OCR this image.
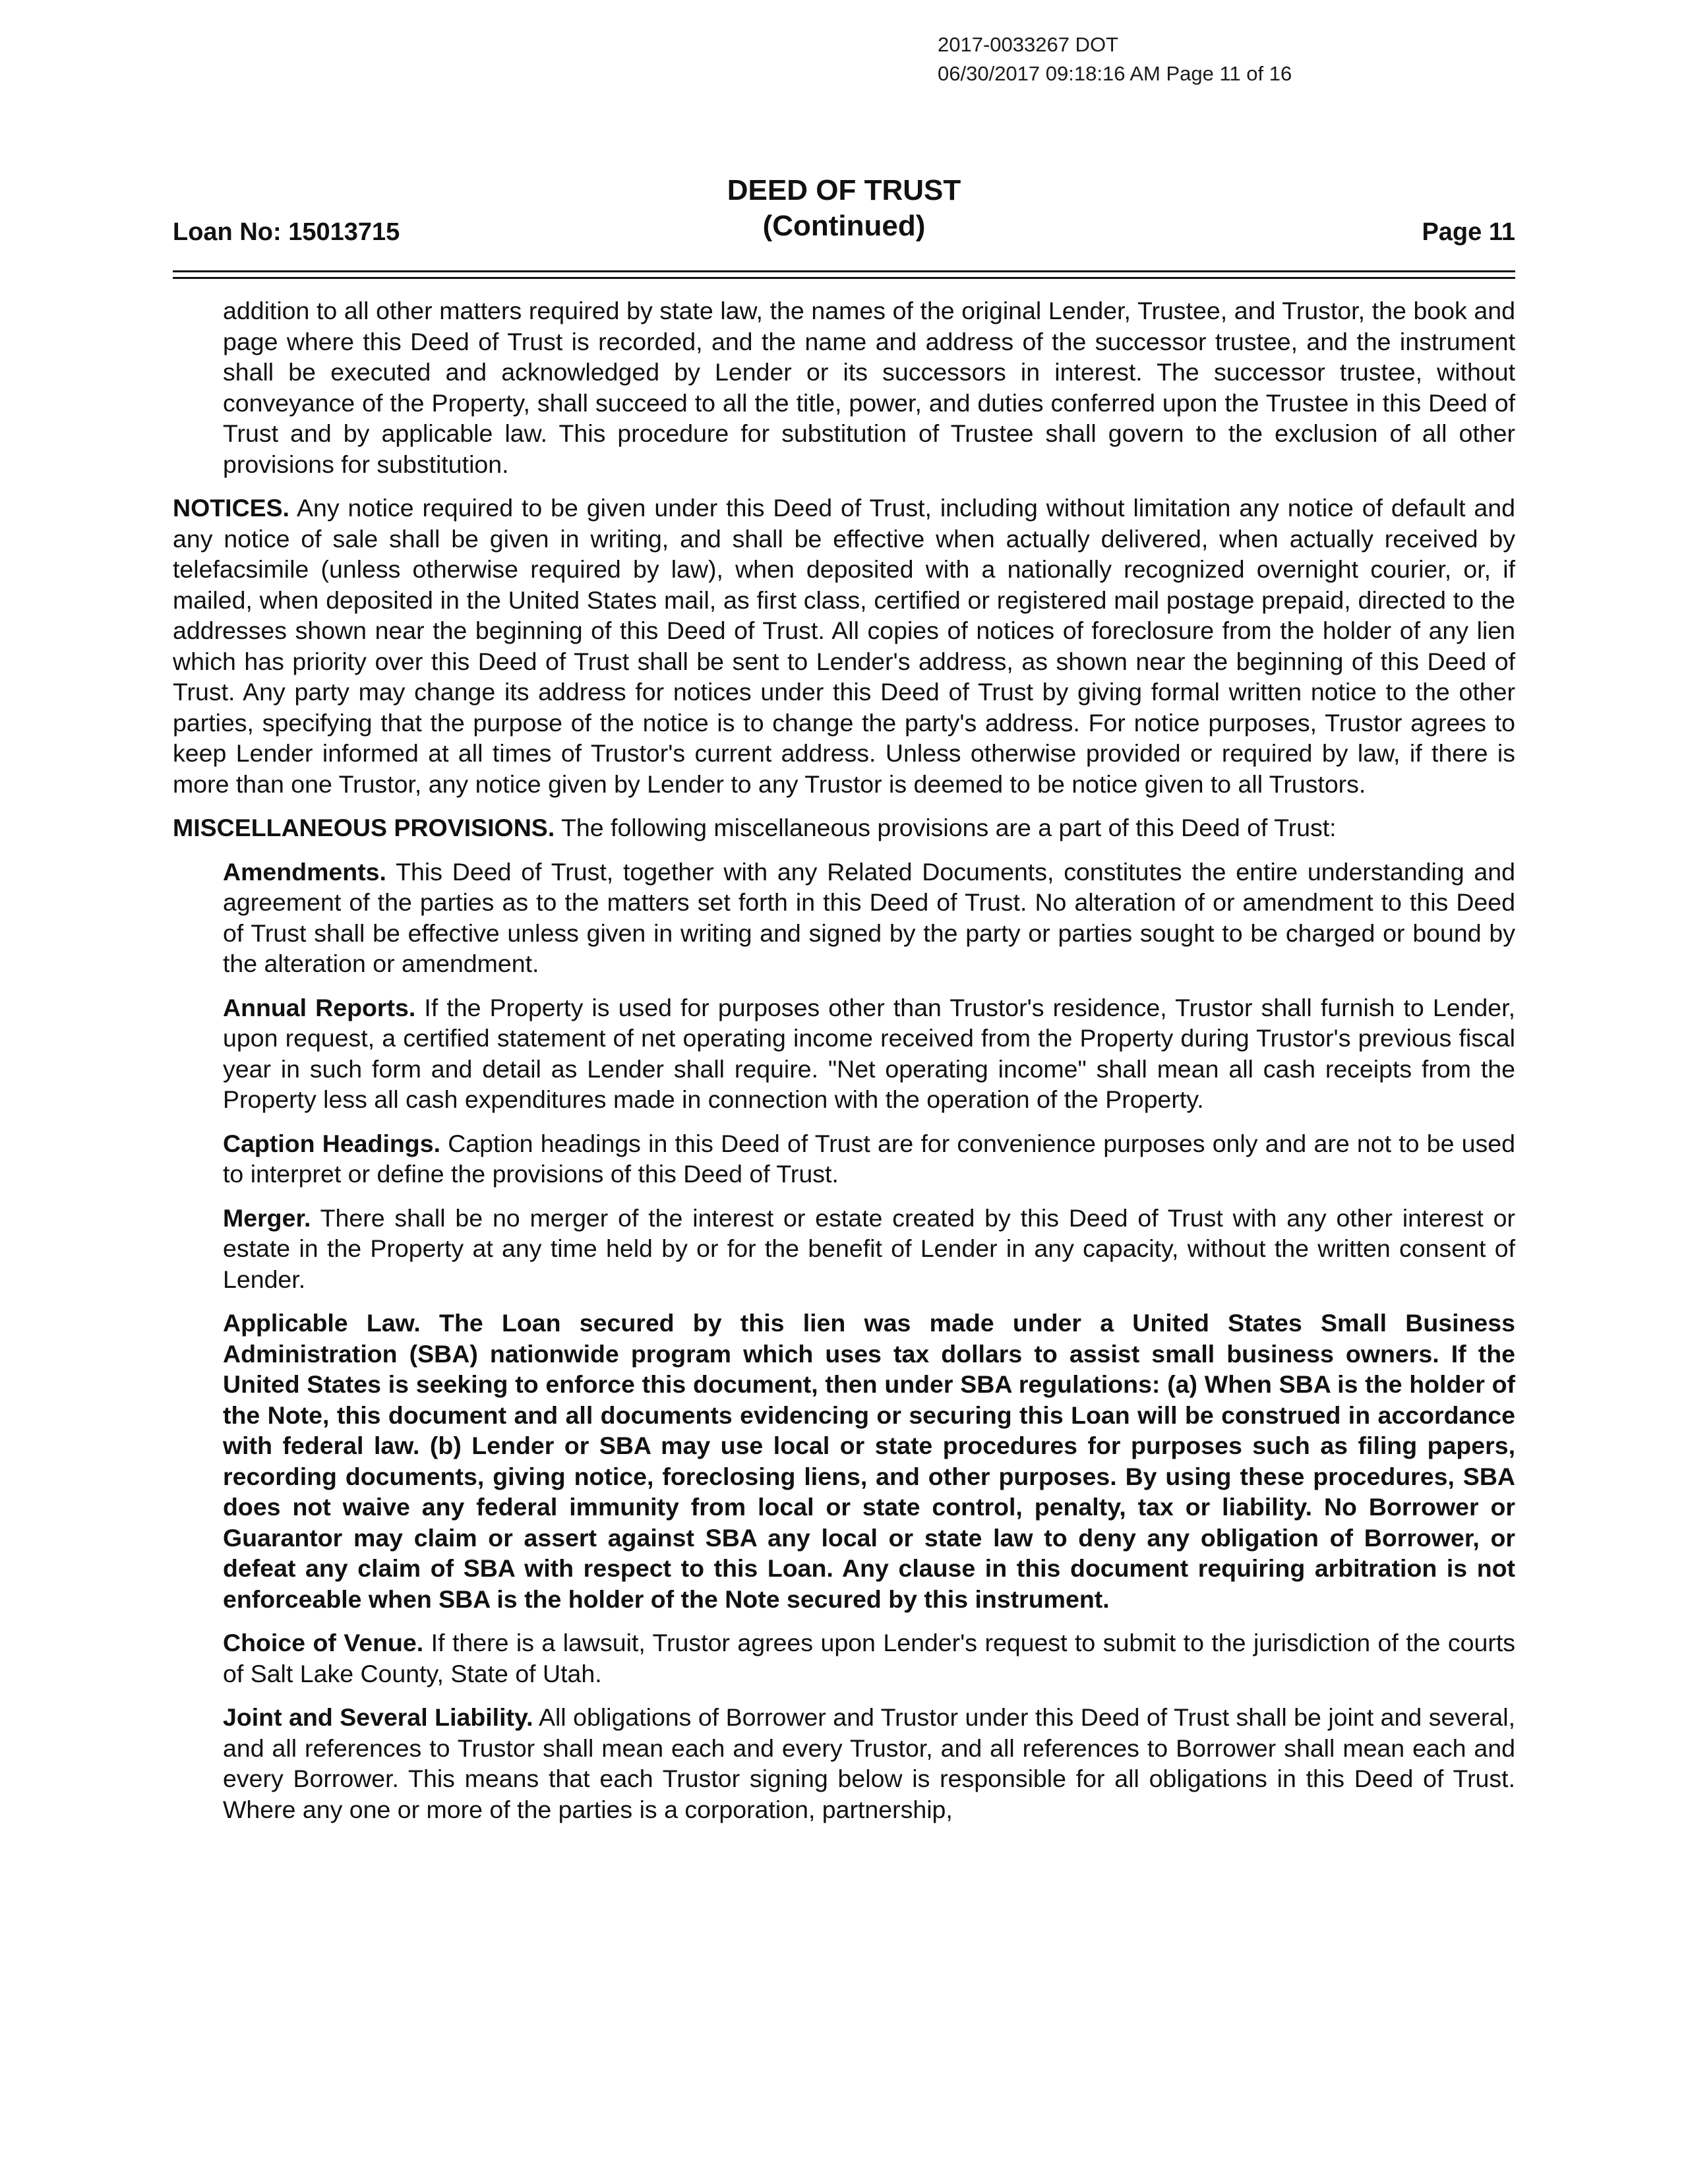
2017-0033267 DOT
06/30/2017 09:18:16 AM Page 11 of 16
Loan No: 15013715
DEED OF TRUST
(Continued)	Page 11

addition to all other matters required by state law, the names of the original Lender, Trustee, and Trustor, the book and page where this Deed of Trust is recorded, and the name and address of the successor trustee, and the instrument shall be executed and acknowledged by Lender or its successors in interest. The successor trustee, without conveyance of the Property, shall succeed to all the title, power, and duties conferred upon the Trustee in this Deed of Trust and by applicable law. This procedure for substitution of Trustee shall govern to the exclusion of all other provisions for substitution.

NOTICES. Any notice required to be given under this Deed of Trust, including without limitation any notice of default and any notice of sale shall be given in writing, and shall be effective when actually delivered, when actually received by telefacsimile (unless otherwise required by law), when deposited with a nationally recognized overnight courier, or, if mailed, when deposited in the United States mail, as first class, certified or registered mail postage prepaid, directed to the addresses shown near the beginning of this Deed of Trust. All copies of notices of foreclosure from the holder of any lien which has priority over this Deed of Trust shall be sent to Lender's address, as shown near the beginning of this Deed of Trust. Any party may change its address for notices under this Deed of Trust by giving formal written notice to the other parties, specifying that the purpose of the notice is to change the party's address. For notice purposes, Trustor agrees to keep Lender informed at all times of Trustor's current address. Unless otherwise provided or required by law, if there is more than one Trustor, any notice given by Lender to any Trustor is deemed to be notice given to all Trustors.

MISCELLANEOUS PROVISIONS. The following miscellaneous provisions are a part of this Deed of Trust:

Amendments. This Deed of Trust, together with any Related Documents, constitutes the entire understanding and agreement of the parties as to the matters set forth in this Deed of Trust. No alteration of or amendment to this Deed of Trust shall be effective unless given in writing and signed by the party or parties sought to be charged or bound by the alteration or amendment.

Annual Reports. If the Property is used for purposes other than Trustor's residence, Trustor shall furnish to Lender, upon request, a certified statement of net operating income received from the Property during Trustor's previous fiscal year in such form and detail as Lender shall require. "Net operating income" shall mean all cash receipts from the Property less all cash expenditures made in connection with the operation of the Property.

Caption Headings. Caption headings in this Deed of Trust are for convenience purposes only and are not to be used to interpret or define the provisions of this Deed of Trust.

Merger. There shall be no merger of the interest or estate created by this Deed of Trust with any other interest or estate in the Property at any time held by or for the benefit of Lender in any capacity, without the written consent of Lender.

Applicable Law. The Loan secured by this lien was made under a United States Small Business Administration (SBA) nationwide program which uses tax dollars to assist small business owners. If the United States is seeking to enforce this document, then under SBA regulations: (a) When SBA is the holder of the Note, this document and all documents evidencing or securing this Loan will be construed in accordance with federal law. (b) Lender or SBA may use local or state procedures for purposes such as filing papers, recording documents, giving notice, foreclosing liens, and other purposes. By using these procedures, SBA does not waive any federal immunity from local or state control, penalty, tax or liability. No Borrower or Guarantor may claim or assert against SBA any local or state law to deny any obligation of Borrower, or defeat any claim of SBA with respect to this Loan. Any clause in this document requiring arbitration is not enforceable when SBA is the holder of the Note secured by this instrument.

Choice of Venue. If there is a lawsuit, Trustor agrees upon Lender's request to submit to the jurisdiction of the courts of Salt Lake County, State of Utah.

Joint and Several Liability. All obligations of Borrower and Trustor under this Deed of Trust shall be joint and several, and all references to Trustor shall mean each and every Trustor, and all references to Borrower shall mean each and every Borrower. This means that each Trustor signing below is responsible for all obligations in this Deed of Trust. Where any one or more of the parties is a corporation, partnership,
